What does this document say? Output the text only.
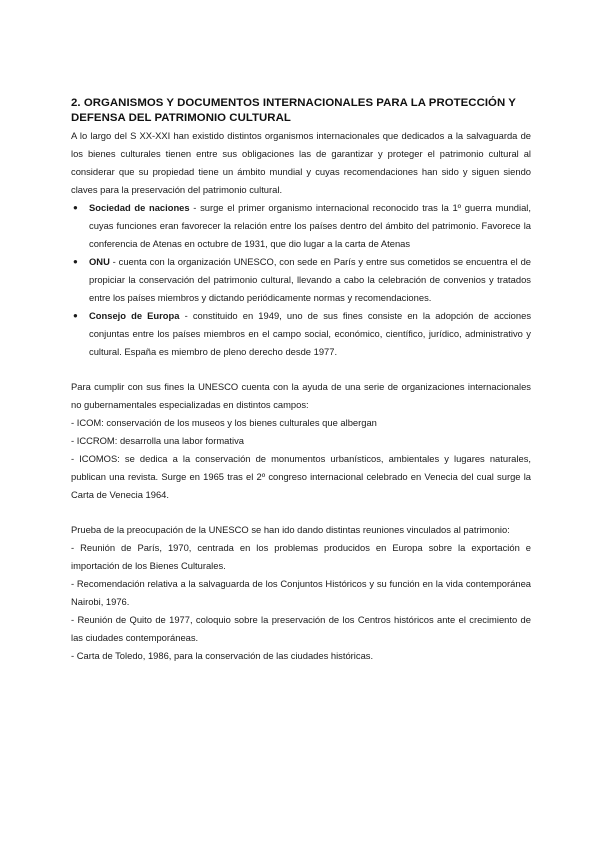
2. ORGANISMOS Y DOCUMENTOS INTERNACIONALES PARA LA PROTECCIÓN Y DEFENSA DEL PATRIMONIO CULTURAL

A lo largo del S XX-XXI han existido distintos organismos internacionales que dedicados a la salvaguarda de los bienes culturales tienen entre sus obligaciones las de garantizar y proteger el patrimonio cultural al considerar que su propiedad tiene un ámbito mundial y cuyas recomendaciones han sido y siguen siendo claves para la preservación del patrimonio cultural.

● Sociedad de naciones - surge el primer organismo internacional reconocido tras la 1º guerra mundial, cuyas funciones eran favorecer la relación entre los países dentro del ámbito del patrimonio. Favorece la conferencia de Atenas en octubre de 1931, que dio lugar a la carta de Atenas
● ONU - cuenta con la organización UNESCO, con sede en París y entre sus cometidos se encuentra el de propiciar la conservación del patrimonio cultural, llevando a cabo la celebración de convenios y tratados entre los países miembros y dictando periódicamente normas y recomendaciones.
● Consejo de Europa - constituido en 1949, uno de sus fines consiste en la adopción de acciones conjuntas entre los países miembros en el campo social, económico, científico, jurídico, administrativo y cultural. España es miembro de pleno derecho desde 1977.

Para cumplir con sus fines la UNESCO cuenta con la ayuda de una serie de organizaciones internacionales no gubernamentales especializadas en distintos campos:

- ICOM: conservación de los museos y los bienes culturales que albergan
- ICCROM: desarrolla una labor formativa
- ICOMOS: se dedica a la conservación de monumentos urbanísticos, ambientales y lugares naturales, publican una revista. Surge en 1965 tras el 2º congreso internacional celebrado en Venecia del cual surge la Carta de Venecia 1964.

Prueba de la preocupación de la UNESCO se han ido dando distintas reuniones vinculados al patrimonio:

- Reunión de París, 1970, centrada en los problemas producidos en Europa sobre la exportación e importación de los Bienes Culturales.
- Recomendación relativa a la salvaguarda de los Conjuntos Históricos y su función en la vida contemporánea Nairobi, 1976.
- Reunión de Quito de 1977, coloquio sobre la preservación de los Centros históricos ante el crecimiento de las ciudades contemporáneas.
- Carta de Toledo, 1986, para la conservación de las ciudades históricas.
